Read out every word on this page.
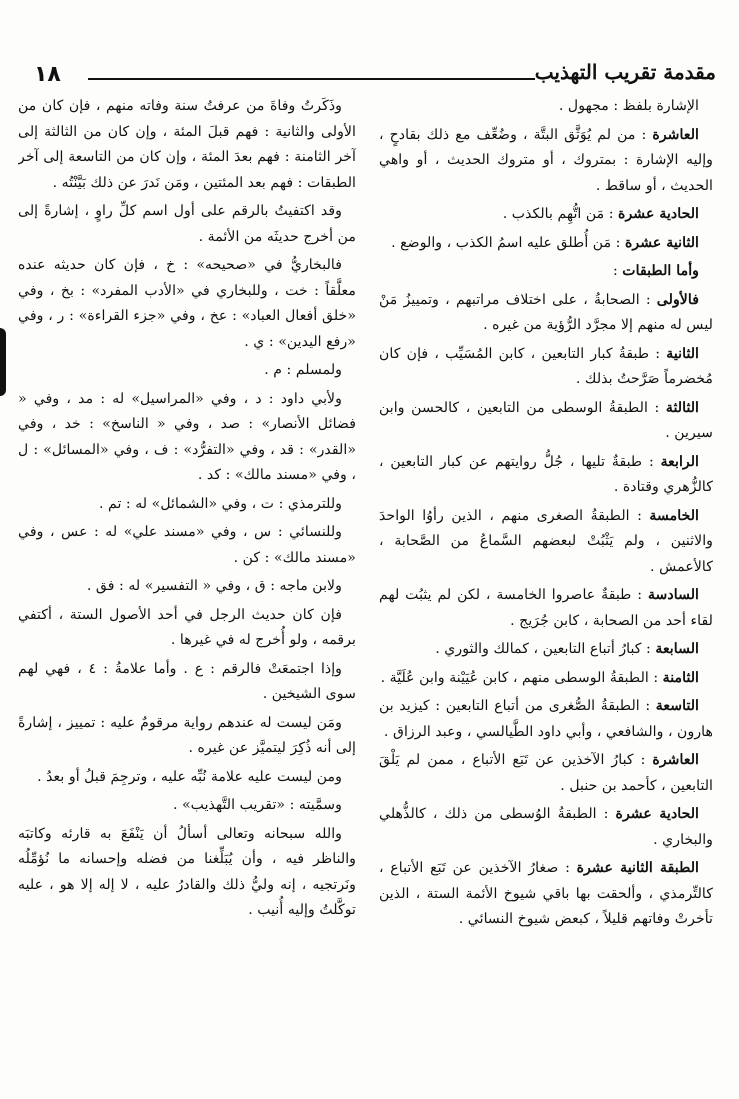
١٨	مقدمة تقريب التهذيب

الإشارة بلفظ : مجهول .

العاشرة : من لم يُوَثَّق البتَّة ، وضُعِّف مع ذلك بقادحٍ ، وإليه الإشارة : بمتروك ، أو متروك الحديث ، أو واهي الحديث ، أو ساقط .

الحادية عشرة : مَن اتُّهِم بالكذب .

الثانية عشرة : مَن أُطلق عليه اسمُ الكذب ، والوضع .

وأما الطبقات :

فالأولى : الصحابةُ ، على اختلاف مراتبهم ، وتمييزُ مَنْ ليس له منهم إلا مجرَّد الرُّؤية من غيره .

الثانية : طبقةُ كبار التابعين ، كابن المُسَيِّب ، فإن كان مُخضرماً صَرَّحتُ بذلك .

الثالثة : الطبقةُ الوسطى من التابعين ، كالحسن وابن سيرين .

الرابعة : طبقةٌ تليها ، جُلُّ روايتهم عن كبار التابعين ، كالزُّهري وقتادة .

الخامسة : الطبقةُ الصغرى منهم ، الذين رأوُا الواحدَ والاثنين ، ولم يَثْبُتْ لبعضهم السَّماعُ من الصَّحابة ، كالأعمش .

السادسة : طبقةٌ عاصروا الخامسة ، لكن لم يثبُت لهم لقاء أحد من الصحابة ، كابن جُرَيج .

السابعة : كبارُ أتباع التابعين ، كمالك والثوري .

الثامنة : الطبقةُ الوسطى منهم ، كابن عُيَيْنة وابن عُلَيَّة .

التاسعة : الطبقةُ الصُّغرى من أتباع التابعين : كيزيد بن هارون ، والشافعي ، وأبي داود الطَّيالسي ، وعبد الرزاق .

العاشرة : كبارُ الآخذين عن تَبَع الأتباع ، ممن لم يَلْقَ التابعين ، كأحمد بن حنبل .

الحادية عشرة : الطبقةُ الوُسطى من ذلك ، كالذُّهلي والبخاري .

الطبقة الثانية عشرة : صغارُ الآخذين عن تَبَع الأتباع ، كالتِّرمذي ، وألحقت بها باقي شيوخ الأئمة الستة ، الذين تأخرتْ وفاتهم قليلاً ، كبعض شيوخ النسائي .

وذَكَرتُ وفاةَ من عرفتُ سنة وفاته منهم ، فإن كان من الأولى والثانية : فهم قبلَ المئة ، وإن كان من الثالثة إلى آخر الثامنة : فهم بعدَ المئة ، وإن كان من التاسعة إلى آخر الطبقات : فهم بعد المئتين ، ومَن نَدرَ عن ذلك بَيَّنْتُه .

وقد اكتفيتُ بالرقم على أول اسم كلِّ راوٍ ، إشارةً إلى من أخرج حديثَه من الأئمة .

فالبخاريُّ في «صحيحه» : خ ، فإن كان حديثه عنده معلَّقاً : خت ، وللبخاري في «الأدب المفرد» : بخ ، وفي «خلق أفعال العباد» : عخ ، وفي «جزء القراءة» : ر ، وفي «رفع اليدين» : ي .

ولمسلم : م .

ولأبي داود : د ، وفي «المراسيل» له : مد ، وفي « فضائل الأنصار» : صد ، وفي « الناسخ» : خد ، وفي «القدر» : قد ، وفي «التفرُّد» : ف ، وفي «المسائل» : ل ، وفي «مسند مالك» : كد .

وللترمذي : ت ، وفي «الشمائل» له : تم .

وللنسائي : س ، وفي «مسند علي» له : عس ، وفي «مسند مالك» : كن .

ولابن ماجه : ق ، وفي « التفسير» له : فق .

فإن كان حديث الرجل في أحد الأصول الستة ، أكتفي برقمه ، ولو أُخرج له في غيرها .

وإذا اجتمعَتْ فالرقم : ع . وأما علامةُ : ٤ ، فهي لهم سوى الشيخين .

ومَن ليست له عندهم رواية مرقومٌ عليه : تمييز ، إشارةً إلى أنه ذُكِرَ ليتميَّز عن غيره .

ومن ليست عليه علامة نُبِّه عليه ، وترجِمَ قبلُ أو بعدُ .

وسمَّيته : «تقريب التَّهذيب» .

والله سبحانه وتعالى أسألُ أن يَنْفَعَ به قارئه وكاتبَه والناظر فيه ، وأن يُبَلِّغنا من فضله وإحسانه ما نُؤمِّلُه ونَرتجيه ، إنه وليُّ ذلك والقادرُ عليه ، لا إله إلا هو ، عليه توكَّلتُ وإليه أُنيب .
